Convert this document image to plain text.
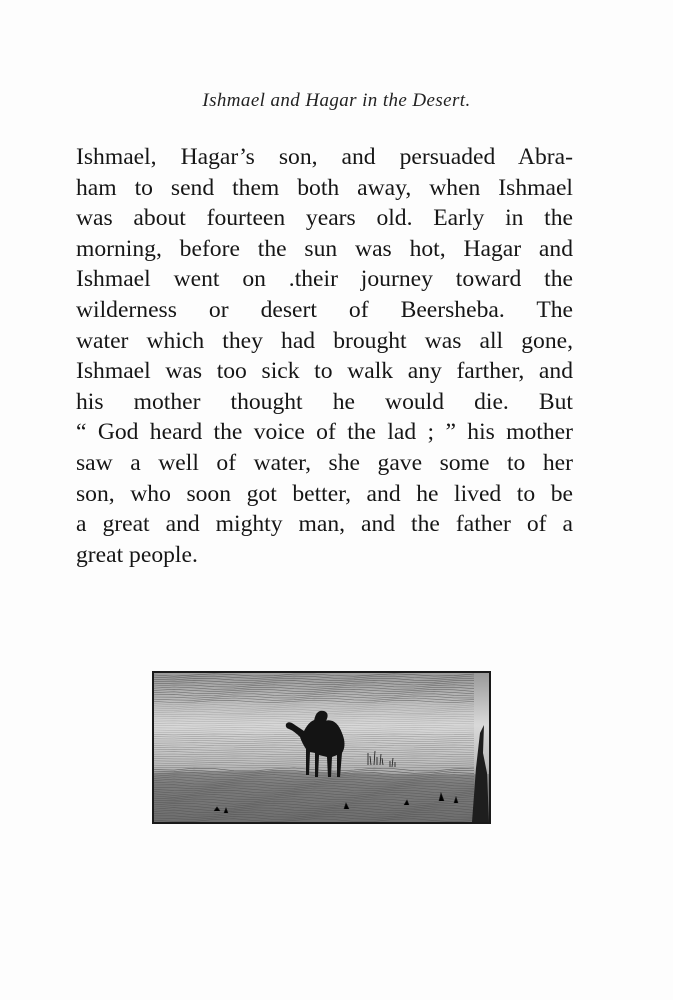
Ishmael and Hagar in the Desert.
Ishmael, Hagar’s son, and persuaded Abra-
ham to send them both away, when Ishmael
was about fourteen years old. Early in the
morning, before the sun was hot, Hagar and
Ishmael went on .their journey toward the
wilderness or desert of Beersheba. The
water which they had brought was all gone,
Ishmael was too sick to walk any farther, and
his mother thought he would die. But
“ God heard the voice of the lad ; ” his mother
saw a well of water, she gave some to her
son, who soon got better, and he lived to be
a great and mighty man, and the father of a
great people.
